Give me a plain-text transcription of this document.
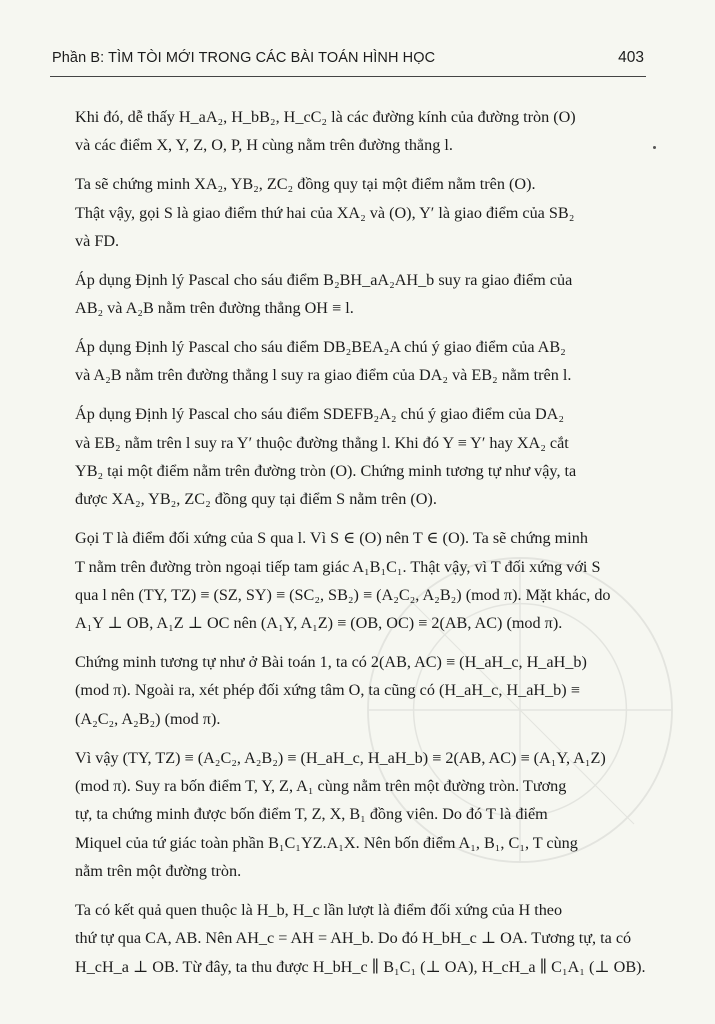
Phần B: TÌM TÒI MỚI TRONG CÁC BÀI TOÁN HÌNH HỌC	403

Khi đó, dễ thấy H_aA₂, H_bB₂, H_cC₂ là các đường kính của đường tròn (O)
và các điểm X, Y, Z, O, P, H cùng nằm trên đường thẳng l.

Ta sẽ chứng minh XA₂, YB₂, ZC₂ đồng quy tại một điểm nằm trên (O).
Thật vậy, gọi S là giao điểm thứ hai của XA₂ và (O), Y′ là giao điểm của SB₂
và FD.

Áp dụng Định lý Pascal cho sáu điểm B₂BH_aA₂AH_b suy ra giao điểm của
AB₂ và A₂B nằm trên đường thẳng OH ≡ l.

Áp dụng Định lý Pascal cho sáu điểm DB₂BEA₂A chú ý giao điểm của AB₂
và A₂B nằm trên đường thẳng l suy ra giao điểm của DA₂ và EB₂ nằm trên l.

Áp dụng Định lý Pascal cho sáu điểm SDEFB₂A₂ chú ý giao điểm của DA₂
và EB₂ nằm trên l suy ra Y′ thuộc đường thẳng l. Khi đó Y ≡ Y′ hay XA₂ cắt
YB₂ tại một điểm nằm trên đường tròn (O). Chứng minh tương tự như vậy, ta
được XA₂, YB₂, ZC₂ đồng quy tại điểm S nằm trên (O).

Gọi T là điểm đối xứng của S qua l. Vì S ∈ (O) nên T ∈ (O). Ta sẽ chứng minh
T nằm trên đường tròn ngoại tiếp tam giác A₁B₁C₁. Thật vậy, vì T đối xứng với S
qua l nên (TY, TZ) ≡ (SZ, SY) ≡ (SC₂, SB₂) ≡ (A₂C₂, A₂B₂) (mod π). Mặt khác, do
A₁Y ⊥ OB, A₁Z ⊥ OC nên (A₁Y, A₁Z) ≡ (OB, OC) ≡ 2(AB, AC) (mod π).

Chứng minh tương tự như ở Bài toán 1, ta có 2(AB, AC) ≡ (H_aH_c, H_aH_b)
(mod π). Ngoài ra, xét phép đối xứng tâm O, ta cũng có (H_aH_c, H_aH_b) ≡
(A₂C₂, A₂B₂) (mod π).

Vì vậy (TY, TZ) ≡ (A₂C₂, A₂B₂) ≡ (H_aH_c, H_aH_b) ≡ 2(AB, AC) ≡ (A₁Y, A₁Z)
(mod π). Suy ra bốn điểm T, Y, Z, A₁ cùng nằm trên một đường tròn. Tương
tự, ta chứng minh được bốn điểm T, Z, X, B₁ đồng viên. Do đó T là điểm
Miquel của tứ giác toàn phần B₁C₁YZ.A₁X. Nên bốn điểm A₁, B₁, C₁, T cùng
nằm trên một đường tròn.

Ta có kết quả quen thuộc là H_b, H_c lần lượt là điểm đối xứng của H theo
thứ tự qua CA, AB. Nên AH_c = AH = AH_b. Do đó H_bH_c ⊥ OA. Tương tự, ta có
H_cH_a ⊥ OB. Từ đây, ta thu được H_bH_c ∥ B₁C₁ (⊥ OA), H_cH_a ∥ C₁A₁ (⊥ OB).
